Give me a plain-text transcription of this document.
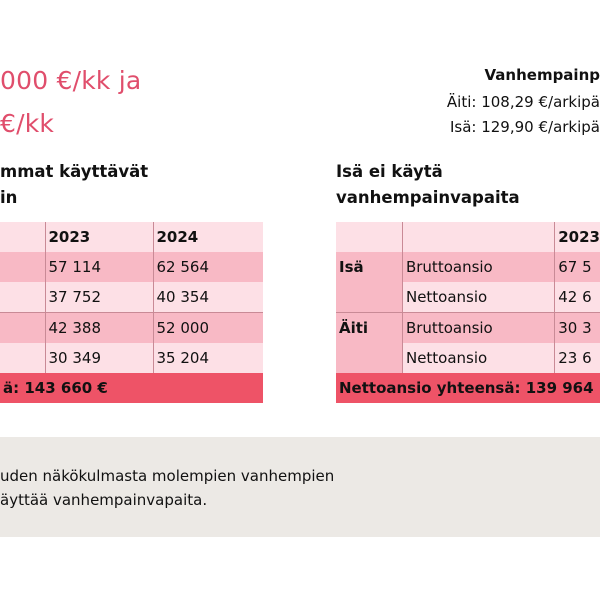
000 €/kk ja
€/kk
Vanhempainp
Äiti: 108,29 €/arkipä
Isä: 129,90 €/arkipä
mmat käyttävät
in
Isä ei käytä
vanhempainvapaita
	2023	2024
	57 114	62 564
	37 752	40 354
	42 388	52 000
	30 349	35 204
ä: 143 660 €		
		2023
Isä	Bruttoansio	67 5
	Nettoansio	42 6
Äiti	Bruttoansio	30 3
	Nettoansio	23 6
Nettoansio yhteensä: 139 964		
uden näkökulmasta molempien vanhempien
äyttää vanhempainvapaita.
